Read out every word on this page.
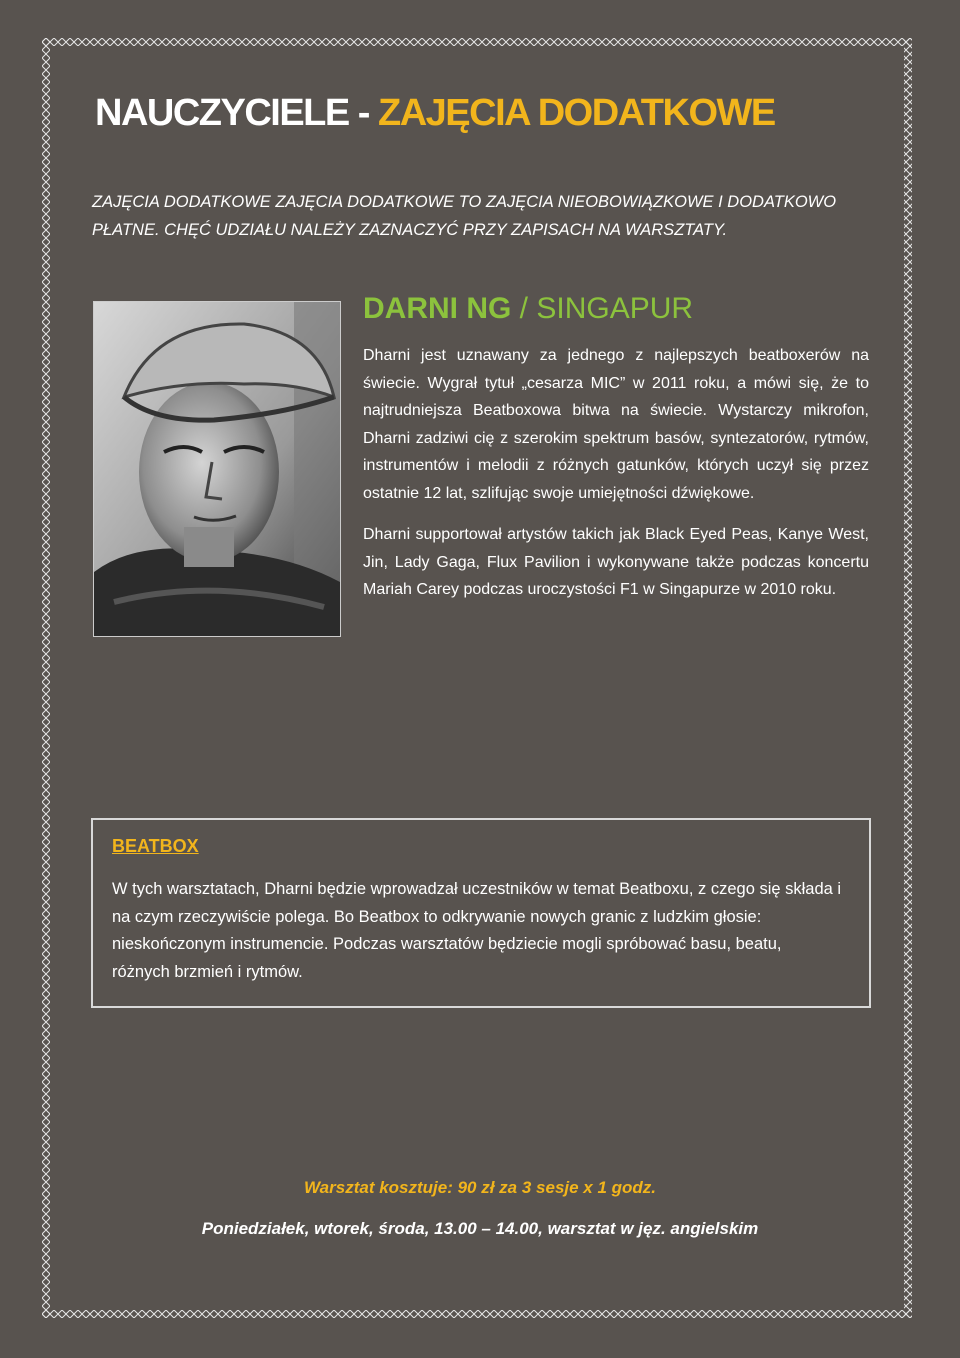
NAUCZYCIELE - ZAJĘCIA DODATKOWE

ZAJĘCIA DODATKOWE ZAJĘCIA DODATKOWE TO ZAJĘCIA NIEOBOWIĄZKOWE I DODATKOWO PŁATNE. CHĘĆ UDZIAŁU NALEŻY ZAZNACZYĆ PRZY ZAPISACH NA WARSZTATY.

DARNI NG / SINGAPUR

Dharni jest uznawany za jednego z najlepszych beatboxerów na świecie. Wygrał tytuł „cesarza MIC” w 2011 roku, a mówi się, że to najtrudniejsza Beatboxowa bitwa na świecie. Wystarczy mikrofon, Dharni zadziwi cię z szerokim spektrum basów, syntezatorów, rytmów, instrumentów i melodii z różnych gatunków, których uczył się przez ostatnie 12 lat, szlifując swoje umiejętności dźwiękowe.

Dharni supportował artystów takich jak Black Eyed Peas, Kanye West, Jin, Lady Gaga, Flux Pavilion i wykonywane także podczas koncertu Mariah Carey podczas uroczystości F1 w Singapurze w 2010 roku.

BEATBOX

W tych warsztatach, Dharni będzie wprowadzał uczestników w temat Beatboxu, z czego się składa i na czym rzeczywiście polega. Bo Beatbox to odkrywanie nowych granic z ludzkim głosie: nieskończonym instrumencie. Podczas warsztatów będziecie mogli spróbować basu, beatu, różnych brzmień i rytmów.

Warsztat kosztuje: 90 zł za 3 sesje x 1 godz.

Poniedziałek, wtorek, środa, 13.00 – 14.00, warsztat w jęz. angielskim
